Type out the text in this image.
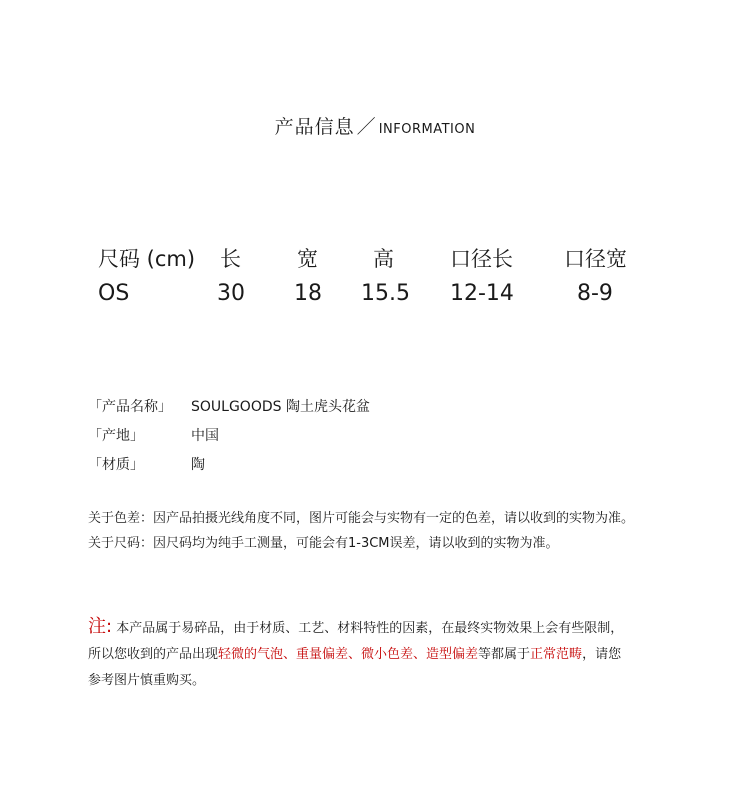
产品信息 ／ INFORMATION
尺码 (cm) 长	宽	高	口径长 口径宽
OS	30 18 15.5 12-14	8-9
「产品名称」 SOULGOODS 陶土虎头花盆
「产地」	中国
「材质」	陶
关于色差：因产品拍摄光线角度不同，图片可能会与实物有一定的色差，请以收到的实物为准。
关于尺码：因尺码均为纯手工测量，可能会有1-3CM误差，请以收到的实物为准。
注: 本产品属于易碎品，由于材质、工艺、材料特性的因素，在最终实物效果上会有些限制，
所以您收到的产品出现轻微的气泡、重量偏差、微小色差、造型偏差等都属于正常范畴，请您
参考图片慎重购买。
